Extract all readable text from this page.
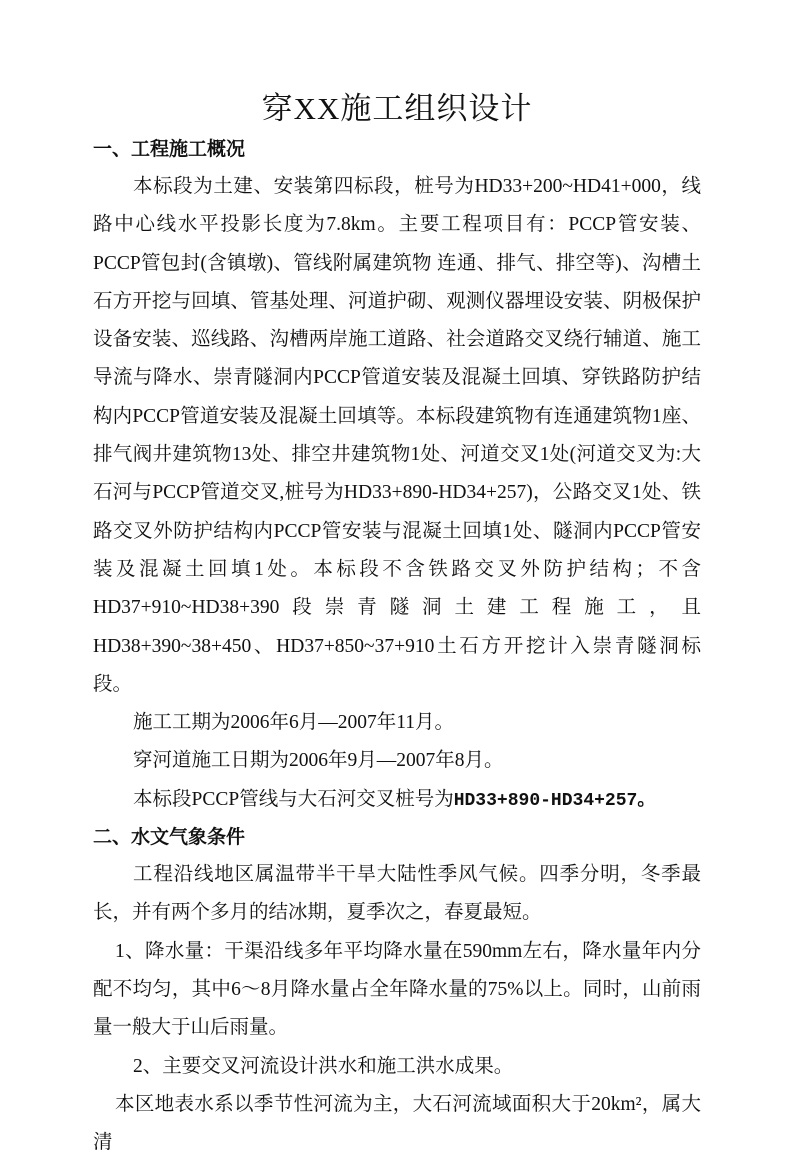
穿XX施工组织设计
一、工程施工概况

本标段为土建、安装第四标段，桩号为HD33+200~HD41+000，线路中心线水平投影长度为7.8km。主要工程项目有：PCCP管安装、PCCP管包封(含镇墩)、管线附属建筑物 连通、排气、排空等)、沟槽土石方开挖与回填、管基处理、河道护砌、观测仪器埋设安装、阴极保护设备安装、巡线路、沟槽两岸施工道路、社会道路交叉绕行辅道、施工导流与降水、崇青隧洞内PCCP管道安装及混凝土回填、穿铁路防护结构内PCCP管道安装及混凝土回填等。本标段建筑物有连通建筑物1座、排气阀井建筑物13处、排空井建筑物1处、河道交叉1处(河道交叉为:大石河与PCCP管道交叉,桩号为HD33+890-HD34+257)，公路交叉1处、铁路交叉外防护结构内PCCP管安装与混凝土回填1处、隧洞内PCCP管安装及混凝土回填1处。本标段不含铁路交叉外防护结构；不含HD37+910~HD38+390段崇青隧洞土建工程施工，且HD38+390~38+450、HD37+850~37+910土石方开挖计入崇青隧洞标段。

施工工期为2006年6月—2007年11月。

穿河道施工日期为2006年9月—2007年8月。

本标段PCCP管线与大石河交叉桩号为HD33+890-HD34+257。

二、水文气象条件

工程沿线地区属温带半干旱大陆性季风气候。四季分明，冬季最长，并有两个多月的结冰期，夏季次之，春夏最短。

1、降水量：干渠沿线多年平均降水量在590mm左右，降水量年内分配不均匀，其中6～8月降水量占全年降水量的75%以上。同时，山前雨量一般大于山后雨量。

2、主要交叉河流设计洪水和施工洪水成果。

本区地表水系以季节性河流为主，大石河流域面积大于20km²，属大清
